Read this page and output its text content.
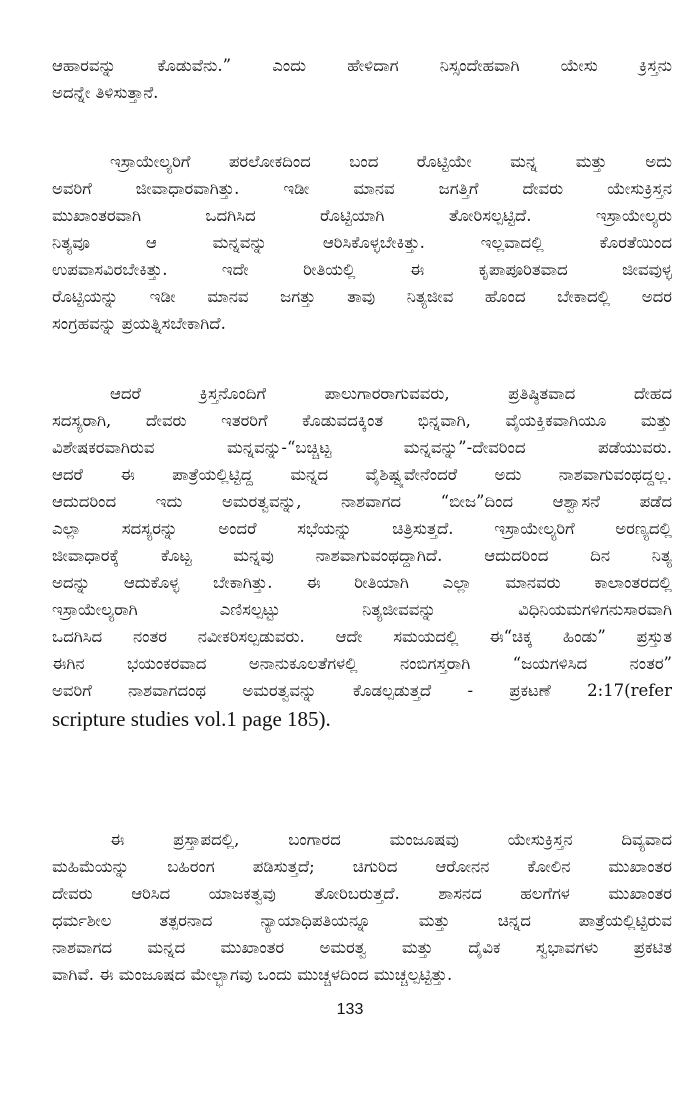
ಆಹಾರವನ್ನು ಕೊಡುವೆನು.” ಎಂದು ಹೇಳಿದಾಗ ನಿಸ್ಸಂದೇಹವಾಗಿ ಯೇಸು ಕ್ರಿಸ್ತನು
ಅದನ್ನೇ ತಿಳಿಸುತ್ತಾನೆ.
ಇಸ್ರಾಯೇಲ್ಯರಿಗೆ ಪರಲೋಕದಿಂದ ಬಂದ ರೊಟ್ಟಿಯೇ ಮನ್ನ ಮತ್ತು ಅದು
ಅವರಿಗೆ ಜೀವಾಧಾರವಾಗಿತ್ತು. ಇಡೀ ಮಾನವ ಜಗತ್ತಿಗೆ ದೇವರು ಯೇಸುಕ್ರಿಸ್ತನ
ಮುಖಾಂತರವಾಗಿ ಒದಗಿಸಿದ ರೊಟ್ಟಿಯಾಗಿ ತೋರಿಸಲ್ಪಟ್ಟಿದೆ. ಇಸ್ರಾಯೇಲ್ಯರು
ನಿತ್ಯವೂ ಆ ಮನ್ನವನ್ನು ಆರಿಸಿಕೊಳ್ಳಬೇಕಿತ್ತು. ಇಲ್ಲವಾದಲ್ಲಿ ಕೊರತೆಯಿಂದ
ಉಪವಾಸವಿರಬೇಕಿತ್ತು. ಇದೇ ರೀತಿಯಲ್ಲಿ ಈ ಕೃಪಾಪೂರಿತವಾದ ಜೀವವುಳ್ಳ
ರೊಟ್ಟಿಯನ್ನು ಇಡೀ ಮಾನವ ಜಗತ್ತು ತಾವು ನಿತ್ಯಜೀವ ಹೊಂದ ಬೇಕಾದಲ್ಲಿ ಅದರ
ಸಂಗ್ರಹವನ್ನು ಪ್ರಯತ್ನಿಸಬೇಕಾಗಿದೆ.
ಆದರೆ ಕ್ರಿಸ್ತನೊಂದಿಗೆ ಪಾಲುಗಾರರಾಗುವವರು, ಪ್ರತಿಷ್ಠಿತವಾದ ದೇಹದ
ಸದಸ್ಯರಾಗಿ, ದೇವರು ಇತರರಿಗೆ ಕೊಡುವದಕ್ಕಿಂತ ಭಿನ್ನವಾಗಿ, ವೈಯಕ್ತಿಕವಾಗಿಯೂ ಮತ್ತು
ವಿಶೇಷಕರವಾಗಿರುವ ಮನ್ನವನ್ನು-“ಬಚ್ಚಿಟ್ಟ ಮನ್ನವನ್ನು”-ದೇವರಿಂದ ಪಡೆಯುವರು.
ಆದರೆ ಈ ಪಾತ್ರೆಯಲ್ಲಿಟ್ಟಿದ್ದ ಮನ್ನದ ವೈಶಿಷ್ಟ್ಯವೇನೆಂದರೆ ಅದು ನಾಶವಾಗುವಂಥದ್ದಲ್ಲ.
ಆದುದರಿಂದ ಇದು ಅಮರತ್ವವನ್ನು, ನಾಶವಾಗದ “ಬೀಜ”ದಿಂದ ಆಶ್ವಾಸನೆ ಪಡೆದ
ಎಲ್ಲಾ ಸದಸ್ಯರನ್ನು ಅಂದರೆ ಸಭೆಯನ್ನು ಚಿತ್ರಿಸುತ್ತದೆ. ಇಸ್ರಾಯೇಲ್ಯರಿಗೆ ಅರಣ್ಯದಲ್ಲಿ
ಜೀವಾಧಾರಕ್ಕೆ ಕೊಟ್ಟ ಮನ್ನವು ನಾಶವಾಗುವಂಥದ್ದಾಗಿದೆ. ಆದುದರಿಂದ ದಿನ ನಿತ್ಯ
ಅದನ್ನು ಆದುಕೊಳ್ಳ ಬೇಕಾಗಿತ್ತು. ಈ ರೀತಿಯಾಗಿ ಎಲ್ಲಾ ಮಾನವರು ಕಾಲಾಂತರದಲ್ಲಿ
ಇಸ್ರಾಯೇಲ್ಯರಾಗಿ ಎಣಿಸಲ್ಪಟ್ಟು ನಿತ್ಯಜೀವವನ್ನು ವಿಧಿನಿಯಮಗಳಿಗನುಸಾರವಾಗಿ
ಒದಗಿಸಿದ ನಂತರ ನವೀಕರಿಸಲ್ಪಡುವರು. ಆದೇ ಸಮಯದಲ್ಲಿ ಈ“ಚಿಕ್ಕ ಹಿಂಡು” ಪ್ರಸ್ತುತ
ಈಗಿನ ಭಯಂಕರವಾದ ಅನಾನುಕೂಲತೆಗಳಲ್ಲಿ ನಂಬಿಗಸ್ತರಾಗಿ “ಜಯಗಳಿಸಿದ ನಂತರ”
ಅವರಿಗೆ ನಾಶವಾಗದಂಥ ಅಮರತ್ವವನ್ನು ಕೊಡಲ್ಪಡುತ್ತದೆ - ಪ್ರಕಟಣೆ 2:17(refer
scripture studies vol.1 page 185).
ಈ ಪ್ರಸ್ತಾಪದಲ್ಲಿ, ಬಂಗಾರದ ಮಂಜೂಷವು ಯೇಸುಕ್ರಿಸ್ತನ ದಿವ್ಯವಾದ
ಮಹಿಮೆಯನ್ನು ಬಹಿರಂಗ ಪಡಿಸುತ್ತದೆ; ಚಿಗುರಿದ ಆರೋನನ ಕೋಲಿನ ಮುಖಾಂತರ
ದೇವರು ಆರಿಸಿದ ಯಾಜಕತ್ವವು ತೋರಿಬರುತ್ತದೆ. ಶಾಸನದ ಹಲಗೆಗಳ ಮುಖಾಂತರ
ಧರ್ಮಶೀಲ ತತ್ಪರನಾದ ನ್ಯಾಯಾಧಿಪತಿಯನ್ನೂ ಮತ್ತು ಚಿನ್ನದ ಪಾತ್ರೆಯಲ್ಲಿಟ್ಟಿರುವ
ನಾಶವಾಗದ ಮನ್ನದ ಮುಖಾಂತರ ಅಮರತ್ವ ಮತ್ತು ದೈವಿಕ ಸ್ವಭಾವಗಳು ಪ್ರಕಟಿತ
ವಾಗಿವೆ. ಈ ಮಂಜೂಷದ ಮೇಲ್ಭಾಗವು ಒಂದು ಮುಚ್ಚಳದಿಂದ ಮುಚ್ಚಲ್ಪಟ್ಟಿತ್ತು.
133
